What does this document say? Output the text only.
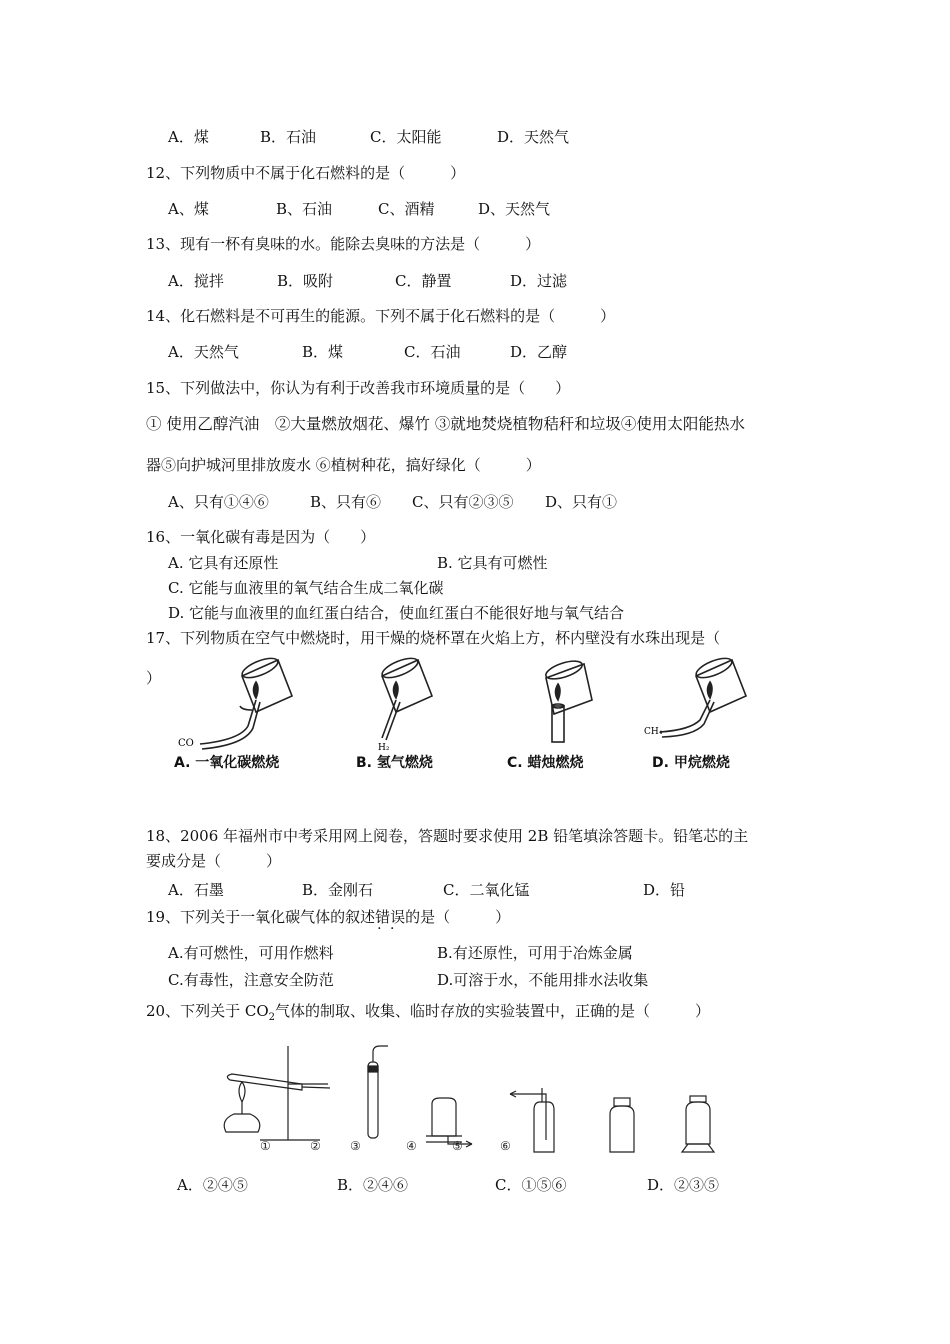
A．煤	B．石油	C．太阳能	D．天然气
12、下列物质中不属于化石燃料的是（　　　）
A、煤	B、石油	C、酒精	D、天然气
13、现有一杯有臭味的水。能除去臭味的方法是（　　　）
A．搅拌	B．吸附	C．静置	D．过滤
14、化石燃料是不可再生的能源。下列不属于化石燃料的是（　　　）
A．天然气	B．煤	C．石油	D．乙醇
15、下列做法中，你认为有利于改善我市环境质量的是（　　）
① 使用乙醇汽油　②大量燃放烟花、爆竹 ③就地焚烧植物秸秆和垃圾④使用太阳能热水
器⑤向护城河里排放废水 ⑥植树种花，搞好绿化（　　　）
A、只有①④⑥	B、只有⑥ C、只有②③⑤ D、只有①
16、一氧化碳有毒是因为（　　）
A. 它具有还原性	B. 它具有可燃性
C. 它能与血液里的氧气结合生成二氧化碳
D. 它能与血液里的血红蛋白结合，使血红蛋白不能很好地与氧气结合
17、下列物质在空气中燃烧时，用干燥的烧杯罩在火焰上方，杯内壁没有水珠出现是（
）
CO	H₂
CH₄
A. 一氧化碳燃烧	B. 氢气燃烧	C. 蜡烛燃烧	D. 甲烷燃烧
18、2006 年福州市中考采用网上阅卷，答题时要求使用 2B 铅笔填涂答题卡。铅笔芯的主
要成分是（　　　）
A．石墨	B．金刚石	C．二氧化锰	D．铅
19、下列关于一氧化碳气体的叙述错误 · ·的是（　　　）
A.有可燃性，可用作燃料	B.有还原性，可用于冶炼金属
C.有毒性，注意安全防范	D.可溶于水，不能用排水法收集
20、下列关于 $CO_2$气体的制取、收集、临时存放的实验装置中，正确的是（　　　）
①	② ③	④	⑤	⑥
A．②④⑤	B．②④⑥	C．①⑤⑥	D．②③⑤
